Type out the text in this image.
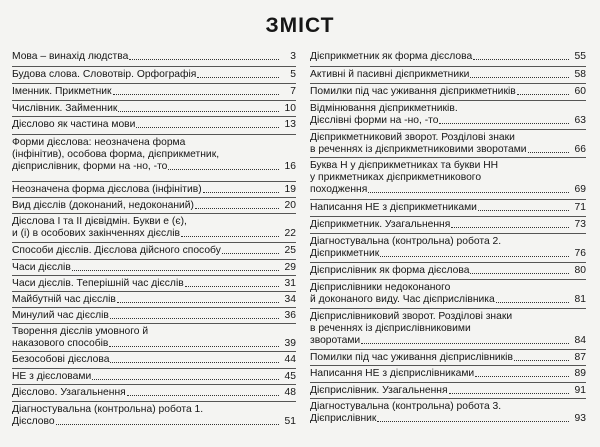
ЗМІСТ
Мова – винахід людства	3
Будова слова. Словотвір. Орфографія	5
Іменник. Прикметник	7
Числівник. Займенник	10
Дієслово як частина мови	13
Форми дієслова: неозначена форма
(інфінітив), особова форма, дієприкметник,
дієприслівник, форми на -но, -то	16
Неозначена форма дієслова (інфінітив)	19
Вид дієслів (доконаний, недоконаний)	20
Дієслова I та II дієвідмін. Букви е (є),
и (і) в особових закінченнях дієслів	22
Способи дієслів. Дієслова дійсного способу	25
Часи дієслів	29
Часи дієслів. Теперішній час дієслів	31
Майбутній час дієслів	34
Минулий час дієслів	36
Творення дієслів умовного й
наказового способів	39
Безособові дієслова	44
НЕ з дієсловами	45
Дієслово. Узагальнення	48
Діагностувальна (контрольна) робота 1.
Дієслово	51
Дієприкметник як форма дієслова	55
Активні й пасивні дієприкметники	58
Помилки під час уживання дієприкметників	60
Відмінювання дієприкметників.
Дієслівні форми на -но, -то	63
Дієприкметниковий зворот. Розділові знаки
в реченнях із дієприкметниковими зворотами	66
Буква Н у дієприкметниках та букви НН
у прикметниках дієприкметникового
походження	69
Написання НЕ з дієприкметниками	71
Дієприкметник. Узагальнення	73
Діагностувальна (контрольна) робота 2.
Дієприкметник	76
Дієприслівник як форма дієслова	80
Дієприслівники недоконаного
й доконаного виду. Час дієприслівника	81
Дієприслівниковий зворот. Розділові знаки
в реченнях із дієприслівниковими
зворотами	84
Помилки під час уживання дієприслівників	87
Написання НЕ з дієприслівниками	89
Дієприслівник. Узагальнення	91
Діагностувальна (контрольна) робота 3.
Дієприслівник	93
